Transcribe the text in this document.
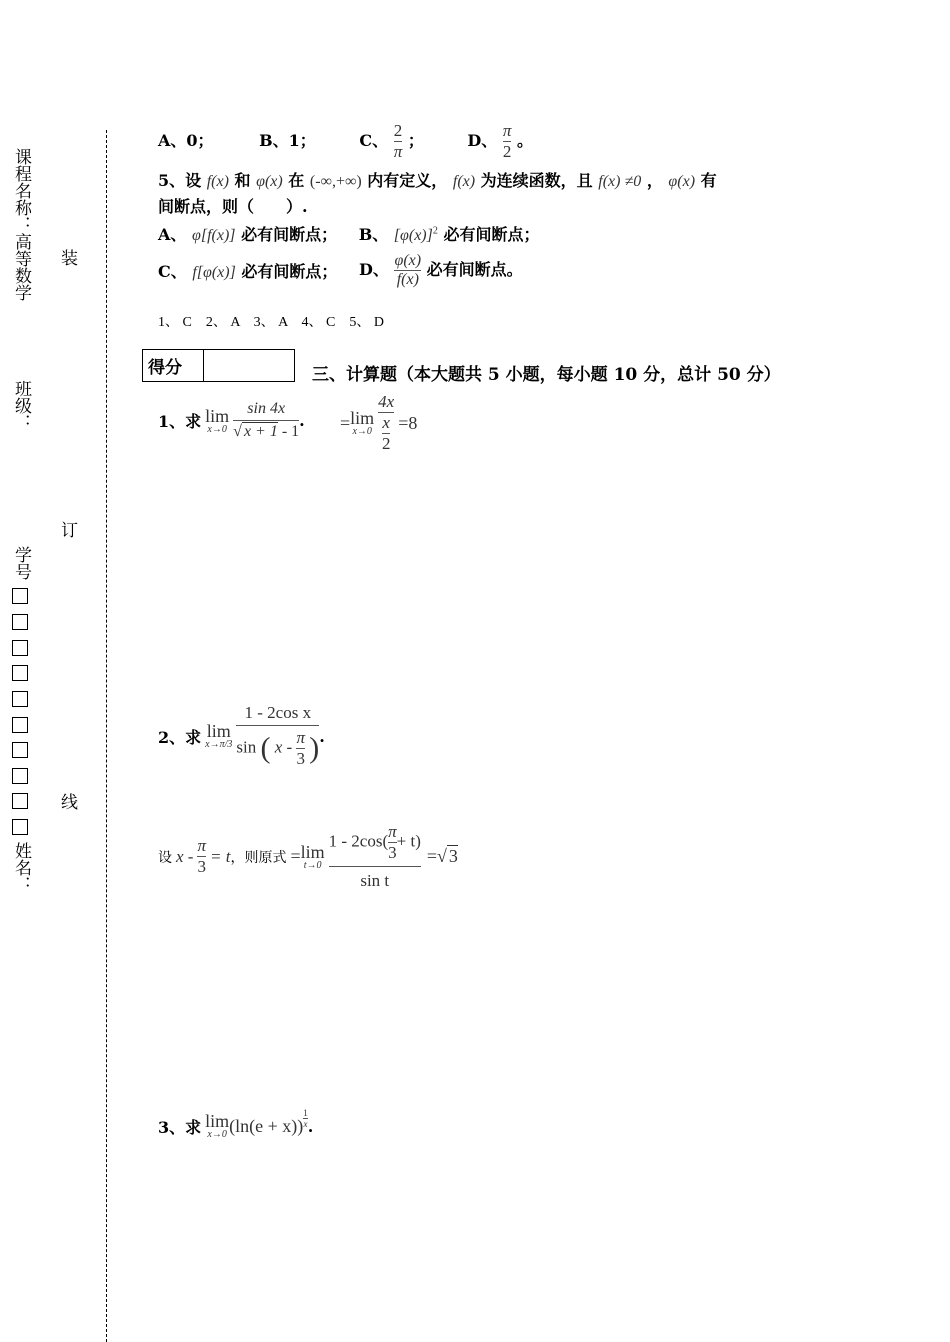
课程名称：高等数学
班级：
学号
姓名：
装
订
线
A、0；	B、1；	C、 $\frac{2}{\pi}$ ；	D、 $\frac{\pi}{2}$ 。
5、设 f(x) 和 φ(x) 在 (-∞,+∞) 内有定义， f(x) 为连续函数，且 f(x) ≠0 ， φ(x) 有
间断点，则（　　）.
A、 φ[f(x)] 必有间断点； B、 $[\varphi(x)]^2$ 必有间断点；
C、 f[φ(x)] 必有间断点； D、 $\frac{\varphi(x)}{f(x)}$ 必有间断点。
1、 C　2、 A　3、 A　4、 C　5、 D
得分		三、计算题（本大题共 5 小题，每小题 10 分，总计 50 分）
1、求 lim
$x\to 0 \frac{\sin 4x}{√ x + 1 - 1}$ . = lim
$x\to 0 \frac{4x}{\frac{x}{2}} =8$
2、求 lim
x→π/3
1 - 2cos x
sin ( x - $\frac{\pi}{3}$ ) .
设 $x - \frac{\pi}{3} = t$ ，则原式 = lim
$t\to 0 \frac{1 - 2\cos( \frac{\pi}{3} + t)}{\text{sin t}}$ = √ 3
3、求 lim
x→0 $(\ln(e + x)) \frac{1}{x}$ .
